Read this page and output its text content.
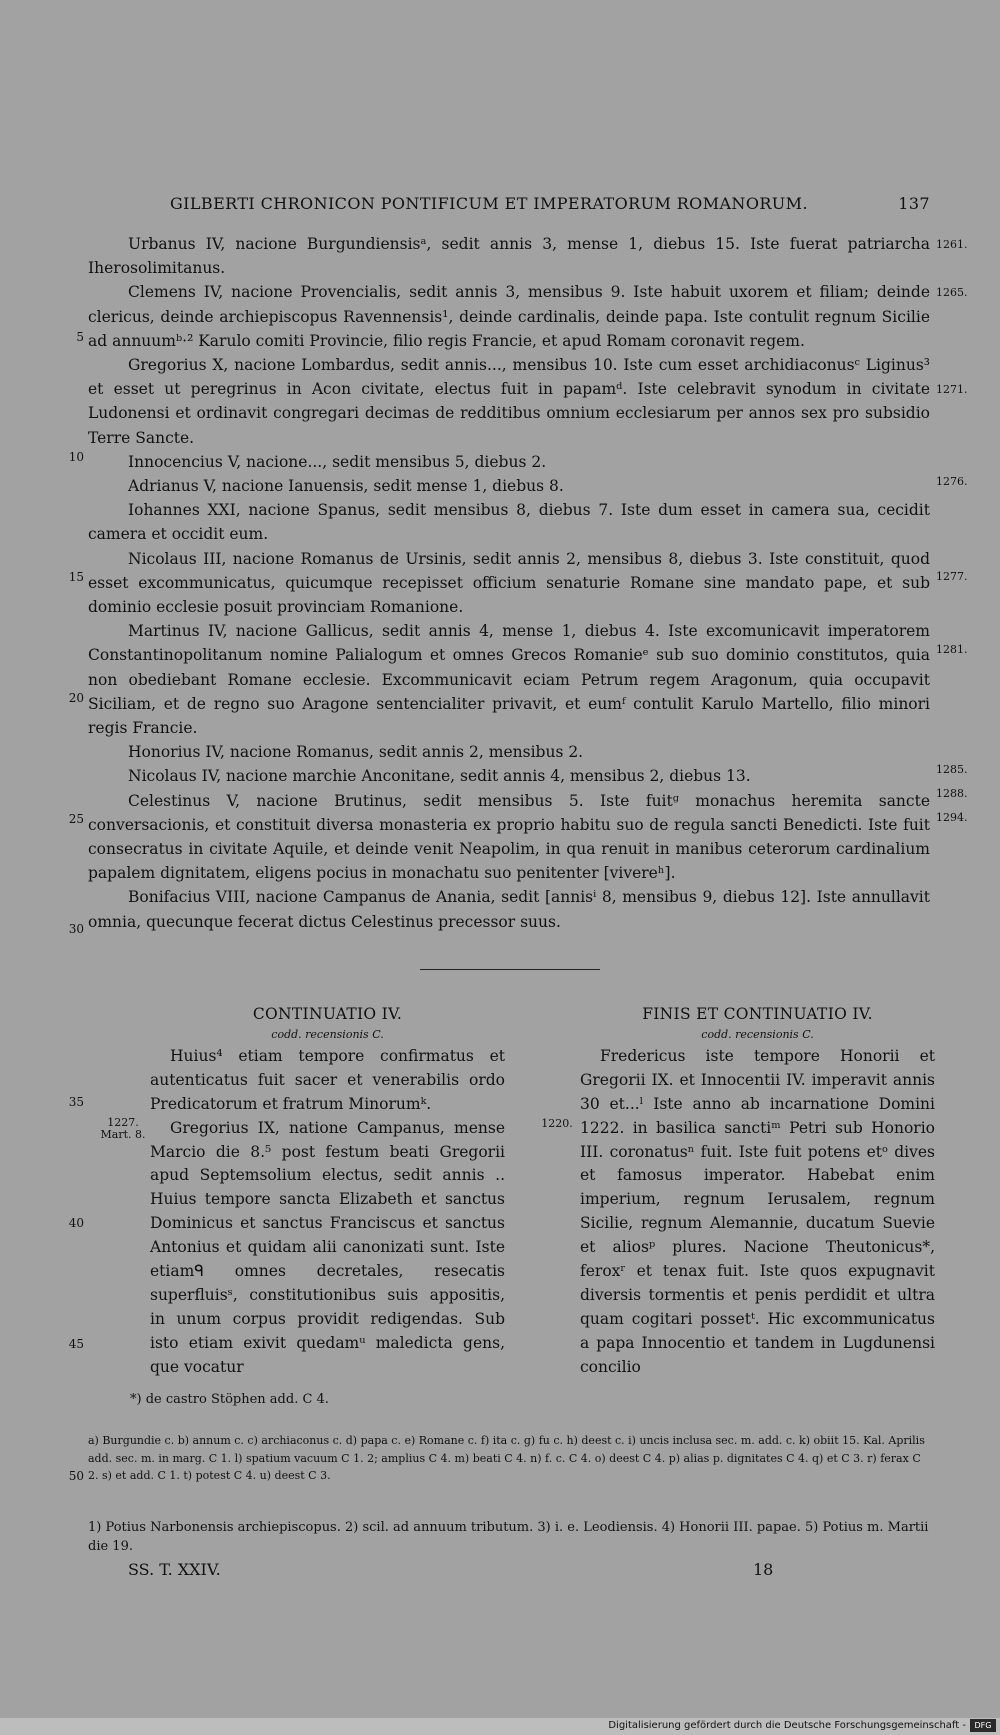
GILBERTI CHRONICON PONTIFICUM ET IMPERATORUM ROMANORUM.	137

Urbanus IV, nacione Burgundiensisᵃ, sedit annis 3, mense 1, diebus 15. Iste fuerat patriarcha Iherosolimitanus.

Clemens IV, nacione Provencialis, sedit annis 3, mensibus 9. Iste habuit uxorem et filiam; deinde clericus, deinde archiepiscopus Ravennensis¹, deinde cardinalis, deinde papa. Iste contulit regnum Sicilie ad annuumᵇ·² Karulo comiti Provincie, filio regis Francie, et apud Romam coronavit regem.

Gregorius X, nacione Lombardus, sedit annis..., mensibus 10. Iste cum esset archidiaconusᶜ Liginus³ et esset ut peregrinus in Acon civitate, electus fuit in papamᵈ. Iste celebravit synodum in civitate Ludonensi et ordinavit congregari decimas de redditibus omnium ecclesiarum per annos sex pro subsidio Terre Sancte.

Innocencius V, nacione..., sedit mensibus 5, diebus 2.

Adrianus V, nacione Ianuensis, sedit mense 1, diebus 8.

Iohannes XXI, nacione Spanus, sedit mensibus 8, diebus 7. Iste dum esset in camera sua, cecidit camera et occidit eum.

Nicolaus III, nacione Romanus de Ursinis, sedit annis 2, mensibus 8, diebus 3. Iste constituit, quod esset excommunicatus, quicumque recepisset officium senaturie Romane sine mandato pape, et sub dominio ecclesie posuit provinciam Romanione.

Martinus IV, nacione Gallicus, sedit annis 4, mense 1, diebus 4. Iste excomunicavit imperatorem Constantinopolitanum nomine Palialogum et omnes Grecos Romanieᵉ sub suo dominio constitutos, quia non obediebant Romane ecclesie. Excommunicavit eciam Petrum regem Aragonum, quia occupavit Siciliam, et de regno suo Aragone sentencialiter privavit, et eumᶠ contulit Karulo Martello, filio minori regis Francie.

Honorius IV, nacione Romanus, sedit annis 2, mensibus 2.

Nicolaus IV, nacione marchie Anconitane, sedit annis 4, mensibus 2, diebus 13.

Celestinus V, nacione Brutinus, sedit mensibus 5. Iste fuitᵍ monachus heremita sancte conversacionis, et constituit diversa monasteria ex proprio habitu suo de regula sancti Benedicti. Iste fuit consecratus in civitate Aquile, et deinde venit Neapolim, in qua renuit in manibus ceterorum cardinalium papalem dignitatem, eligens pocius in monachatu suo penitenter [vivereʰ].

Bonifacius VIII, nacione Campanus de Anania, sedit [annisⁱ 8, mensibus 9, diebus 12]. Iste annullavit omnia, quecunque fecerat dictus Celestinus precessor suus.

5
10
15
20
25
30
1261.
1265.
1271.
1276.
1277.
1281.
1285.
1288.
1294.
CONTINUATIO IV.
codd. recensionis C.

Huius⁴ etiam tempore confirmatus et autenticatus fuit sacer et venerabilis ordo Predicatorum et fratrum Minorumᵏ.

Gregorius IX, natione Campanus, mense Marcio die 8.⁵ post festum beati Gregorii apud Septemsolium electus, sedit annis .. Huius tempore sancta Elizabeth et sanctus Dominicus et sanctus Franciscus et sanctus Antonius et quidam alii canonizati sunt. Iste etiamᑫ omnes decretales, resecatis superfluisˢ, constitutionibus suis appositis, in unum corpus providit redigendas. Sub isto etiam exivit quedamᵘ maledicta gens, que vocatur

1227. Mart. 8.
35
40
45
FINIS ET CONTINUATIO IV.
codd. recensionis C.

Fredericus iste tempore Honorii et Gregorii IX. et Innocentii IV. imperavit annis 30 et...ˡ Iste anno ab incarnatione Domini 1222. in basilica sanctiᵐ Petri sub Honorio III. coronatusⁿ fuit. Iste fuit potens etᵒ dives et famosus imperator. Habebat enim imperium, regnum Ierusalem, regnum Sicilie, regnum Alemannie, ducatum Suevie et aliosᵖ plures. Nacione Theutonicus*, feroxʳ et tenax fuit. Iste quos expugnavit diversis tormentis et penis perdidit et ultra quam cogitari possetᵗ. Hic excommunicatus a papa Innocentio et tandem in Lugdunensi concilio

1220.
*) de castro Stöphen add. C 4.
a) Burgundie c. b) annum c. c) archiaconus c. d) papa c. e) Romane c. f) ita c. g) fu c. h) deest c. i) uncis inclusa sec. m. add. c. k) obiit 15. Kal. Aprilis add. sec. m. in marg. C 1. l) spatium vacuum C 1. 2; amplius C 4. m) beati C 4. n) f. c. C 4. o) deest C 4. p) alias p. dignitates C 4. q) et C 3. r) ferax C 2. s) et add. C 1. t) potest C 4. u) deest C 3.
50
1) Potius Narbonensis archiepiscopus. 2) scil. ad annuum tributum. 3) i. e. Leodiensis. 4) Honorii III. papae. 5) Potius m. Martii die 19.
SS. T. XXIV.	18
Digitalisierung gefördert durch die Deutsche Forschungsgemeinschaft -	DFG
